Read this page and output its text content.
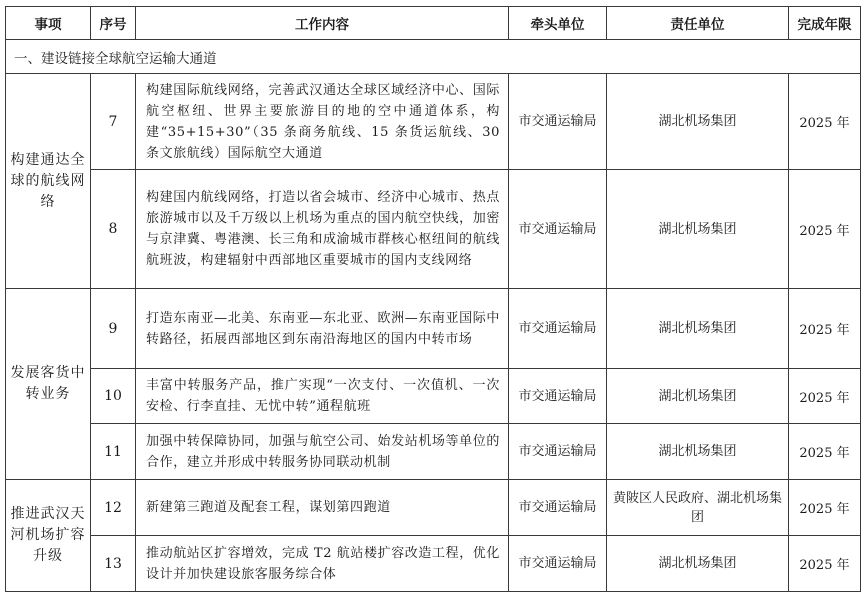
事项	序号	工作内容	牵头单位	责任单位	完成年限
一、建设链接全球航空运输大通道					
构建通达全球的航线网络	7	构建国际航线网络，完善武汉通达全球区域经济中心、国际航空枢纽、世界主要旅游目的地的空中通道体系，构建“35+15+30”（35 条商务航线、15 条货运航线、30 条文旅航线）国际航空大通道	市交通运输局	湖北机场集团	2025 年
	8	构建国内航线网络，打造以省会城市、经济中心城市、热点旅游城市以及千万级以上机场为重点的国内航空快线，加密与京津冀、粤港澳、长三角和成渝城市群核心枢纽间的航线航班波，构建辐射中西部地区重要城市的国内支线网络	市交通运输局	湖北机场集团	2025 年
发展客货中转业务	9	打造东南亚—北美、东南亚—东北亚、欧洲—东南亚国际中转路径，拓展西部地区到东南沿海地区的国内中转市场	市交通运输局	湖北机场集团	2025 年
	10	丰富中转服务产品，推广实现“一次支付、一次值机、一次安检、行李直挂、无忧中转”通程航班	市交通运输局	湖北机场集团	2025 年
	11	加强中转保障协同，加强与航空公司、始发站机场等单位的合作，建立并形成中转服务协同联动机制	市交通运输局	湖北机场集团	2025 年
推进武汉天河机场扩容升级	12	新建第三跑道及配套工程，谋划第四跑道	市交通运输局	黄陂区人民政府、湖北机场集团	2025 年
	13	推动航站区扩容增效，完成 T2 航站楼扩容改造工程，优化设计并加快建设旅客服务综合体	市交通运输局	湖北机场集团	2025 年
